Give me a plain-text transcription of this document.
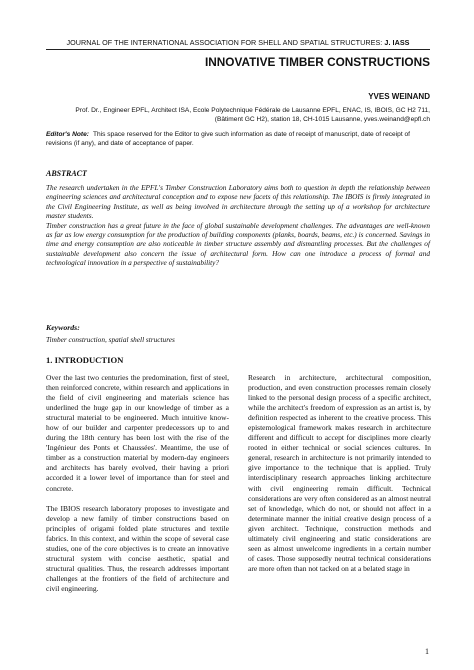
JOURNAL OF THE INTERNATIONAL ASSOCIATION FOR SHELL AND SPATIAL STRUCTURES: J. IASS
INNOVATIVE TIMBER CONSTRUCTIONS
YVES WEINAND
Prof. Dr., Engineer EPFL, Architect ISA, Ecole Polytechnique Fédérale de Lausanne EPFL, ENAC, IS, IBOIS, GC H2 711,
(Bâtiment GC H2), station 18, CH-1015 Lausanne, yves.weinand@epfl.ch
Editor's Note: This space reserved for the Editor to give such information as date of receipt of manuscript, date of receipt of revisions (if any), and date of acceptance of paper.
ABSTRACT

The research undertaken in the EPFL's Timber Construction Laboratory aims both to question in depth the relationship between engineering sciences and architectural conception and to expose new facets of this relationship. The IBOIS is firmly integrated in the Civil Engineering Institute, as well as being involved in architecture through the setting up of a workshop for architecture master students.

Timber construction has a great future in the face of global sustainable development challenges. The advantages are well-known as far as low energy consumption for the production of building components (planks, boards, beams, etc.) is concerned. Savings in time and energy consumption are also noticeable in timber structure assembly and dismantling processes. But the challenges of sustainable development also concern the issue of architectural form. How can one introduce a process of formal and technological innovation in a perspective of sustainability?

Keywords:
Timber construction, spatial shell structures
1. INTRODUCTION

Over the last two centuries the predomination, first of steel, then reinforced concrete, within research and applications in the field of civil engineering and materials science has underlined the huge gap in our knowledge of timber as a structural material to be engineered. Much intuitive know-how of our builder and carpenter predecessors up to and during the 18th century has been lost with the rise of the 'Ingénieur des Ponts et Chaussées'. Meantime, the use of timber as a construction material by modern-day engineers and architects has barely evolved, their having a priori accorded it a lower level of importance than for steel and concrete.

The IBIOS research laboratory proposes to investigate and develop a new family of timber constructions based on principles of origami folded plate structures and textile fabrics. In this context, and within the scope of several case studies, one of the core objectives is to create an innovative structural system with concise aesthetic, spatial and structural qualities. Thus, the research addresses important challenges at the frontiers of the field of architecture and civil engineering.

Research in architecture, architectural composition, production, and even construction processes remain closely linked to the personal design process of a specific architect, while the architect's freedom of expression as an artist is, by definition respected as inherent to the creative process. This epistemological framework makes research in architecture different and difficult to accept for disciplines more clearly rooted in either technical or social sciences cultures. In general, research in architecture is not primarily intended to give importance to the technique that is applied. Truly interdisciplinary research approaches linking architecture with civil engineering remain difficult. Technical considerations are very often considered as an almost neutral set of knowledge, which do not, or should not affect in a determinate manner the initial creative design process of a given architect. Technique, construction methods and ultimately civil engineering and static considerations are seen as almost unwelcome ingredients in a certain number of cases. Those supposedly neutral technical considerations are more often than not tacked on at a belated stage in

1
